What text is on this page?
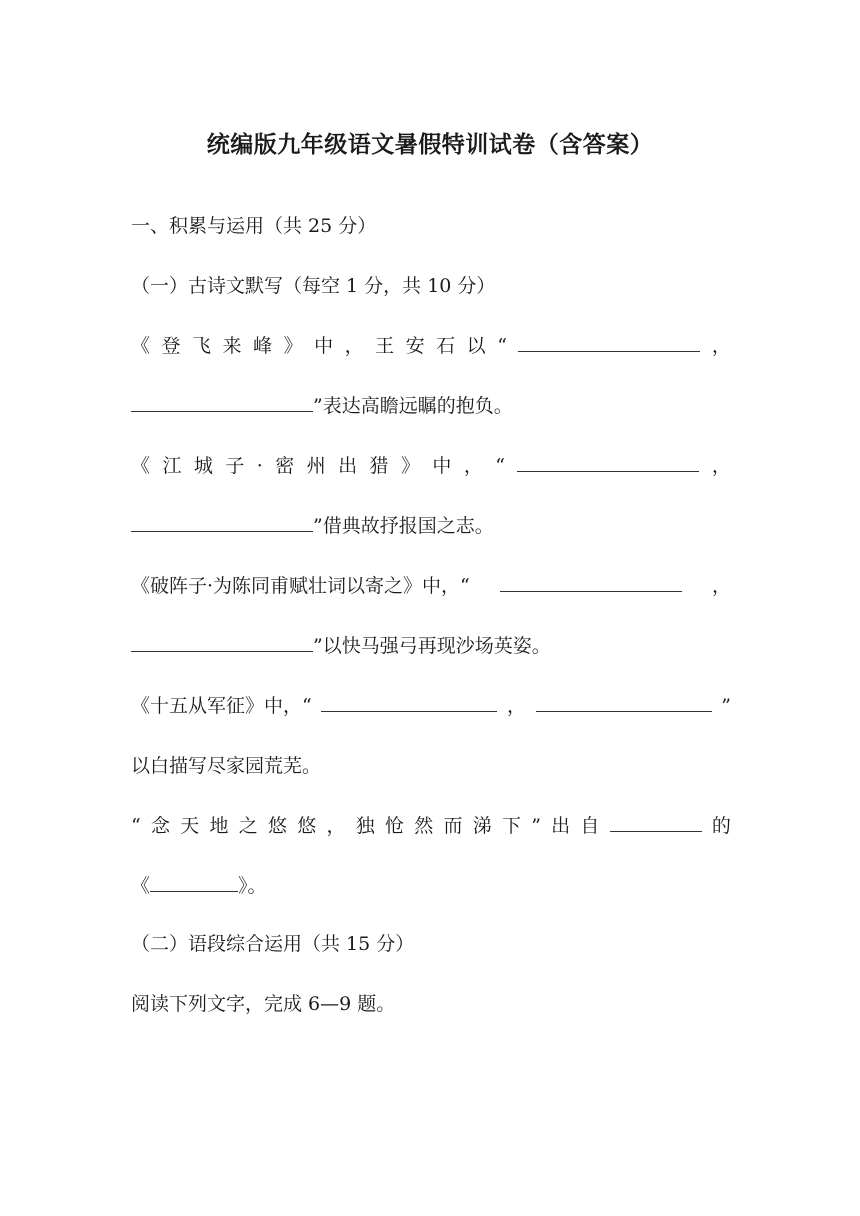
统编版九年级语文暑假特训试卷（含答案）
一、积累与运用（共 25 分）
（一）古诗文默写（每空 1 分，共 10 分）
《 登 飞 来 峰 》 中 ， 王 安 石 以 “	，
”表达高瞻远瞩的抱负。
《 江 城 子 · 密 州 出 猎 》 中 ， “	，
”借典故抒报国之志。
《破阵子·为陈同甫赋壮词以寄之》中，“	，
”以快马强弓再现沙场英姿。
《十五从军征》中，“	，	”
以白描写尽家园荒芜。
“ 念 天 地 之 悠 悠 ， 独 怆 然 而 涕 下 ” 出 自	的
《	》。
（二）语段综合运用（共 15 分）
阅读下列文字，完成 6—9 题。
